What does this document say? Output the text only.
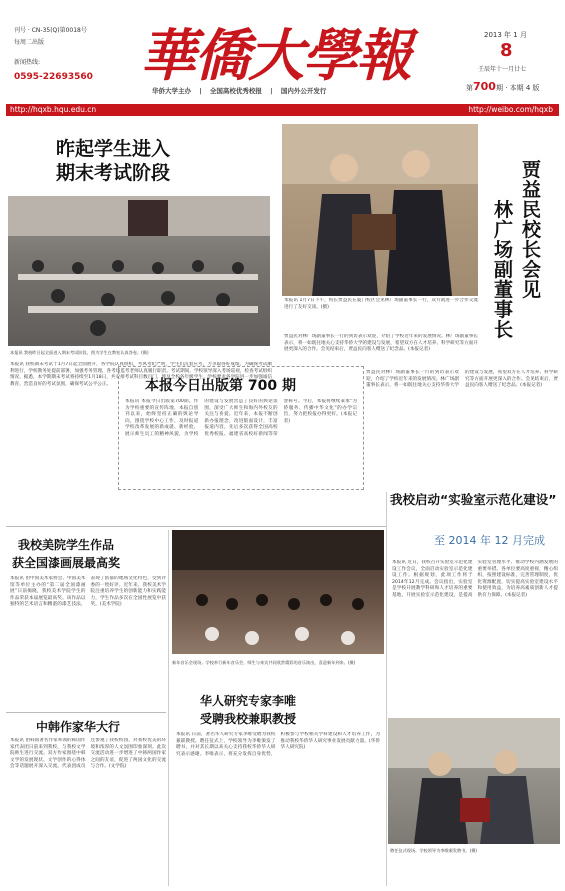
刊号 · CN-35(Q)第0018号
每周二出版
新闻热线:
0595-22693560 華僑大學報
华侨大学主办 | 全国高校优秀校报 | 国内外公开发行
2013 年 1 月
8
壬辰年十一月廿七
第700期 · 本期 4 版
http://hqxb.hqu.edu.cn	http://weibo.com/hqxb
昨起学生进入
期末考试阶段
本报讯 我校昨日起全面进入期末考试阶段。图为学生在教室认真答卷。(摄)
本报讯 我校期末考试于1月7日起全面展开，各学院认真组织，考风考纪严明，学生们沉着应考，力争取得好成绩。为确保考试顺利进行，学校教务处提前部署，加强考务管理，各考场监考老师认真履行职责。考试期间，学校领导深入考场巡视，检查考试组织情况。据悉，本学期期末考试将持续至1月18日，共安排考试科目数百门，涉及全校各年级学生。学校要求各学院进一步加强诚信教育，营造良好的考试氛围，确保考试公平公正。
贾
益
民
校
长
会
见
林
广
场
副
董
事
长
本报讯 1月7日下午，校长贾益民在厦门校区会见林广场副董事长一行，双方就进一步合作交流进行了友好交谈。(摄)
贾益民对林广场副董事长一行的到访表示欢迎，介绍了学校近年来的发展情况。林广场副董事长表示，将一如既往地关心支持华侨大学的建设与发展，希望双方在人才培养、科学研究等方面开展更深入的合作。会见结束后，贾益民向客人赠送了纪念品。(本报记者)
本报今日出版第 700 期
本报讯 本报今日出版第700期。作为学校重要的宣传阵地，本报自创刊以来，始终坚持正确的舆论导向，围绕学校中心工作，及时报道学校改革发展的新成就、新经验，展示师生员工的精神风貌，为学校的建设与发展营造了良好的舆论氛围，深受广大师生和海内外校友的关注与喜爱。近年来，本报不断创新办报理念，改进版面设计，丰富报道内容，先后多次获得全国高校优秀校报、福建省高校好新闻等荣誉称号。今后，本报将继续秉承“为侨服务、传播中华文化”的办学宗旨，努力把校报办得更好。(本报记者)
贾益民对林广场副董事长一行的到访表示欢迎，介绍了学校近年来的发展情况。林广场副董事长表示，将一如既往地关心支持华侨大学的建设与发展，希望双方在人才培养、科学研究等方面开展更深入的合作。会见结束后，贾益民向客人赠送了纪念品。(本报记者)
我校启动“实验室示范化建设”
至 2014 年 12 月完成
本报讯 近日，我校召开实验室示范化建设工作会议，全面启动实验室示范化建设工作。根据规划，此项工作将于2014年12月完成。会议指出，实验室是学校开展教学科研和人才培养的重要基地，开展实验室示范化建设，是提高实验室管理水平、推动学校内涵发展的重要举措。各单位要高度重视，精心组织，按照建设标准，完善管理制度，优化资源配置，切实提高实验室建设水平和使用效益，为培养高素质创新人才提供有力保障。(本报记者)
我校美院学生作品
获全国漆画展最高奖
本报讯 由中国美术家协会、中国美术馆等单位主办的“第二届全国漆画展”日前揭晓，我校美术学院学生的作品荣获本届展览最高奖。该作品以独特的艺术语言和精湛的漆艺技法，表现了浓郁的地域文化特色，受到评委的一致好评。近年来，我校美术学院注重培养学生的创新能力和实践能力，学生作品多次在全国性展览中获奖。(美术学院)
新年音乐会现场。学校举行新年音乐会，师生与来宾共同欣赏精彩的音乐演出，喜迎新年到来。(摄)
中韩作家华大行
本报讯 由韩国著名作家率领的韩国作家代表团日前来到我校，与我校文学院师生进行交流。双方作家围绕中韩文学的发展现状、文学创作的心得体会等话题展开深入交流。代表团成员还参观了我校校园，对我校优美的环境和浓厚的人文氛围印象深刻。此次交流活动进一步增进了中韩两国作家之间的友谊，促进了两国文化的交流与合作。(文学院)
华人研究专家李唯
受聘我校兼职教授
本报讯 日前，著名华人研究专家李唯受聘为我校兼职教授。聘任仪式上，学校领导为李唯颁发了聘书，并对其长期以来关心支持我校华侨华人研究表示感谢。李唯表示，将充分发挥自身优势，积极参与学校相关学科建设和人才培养工作，为推动我校华侨华人研究事业发展贡献力量。(华侨华人研究院)
聘任仪式现场。学校领导为李唯颁发聘书。(摄)
